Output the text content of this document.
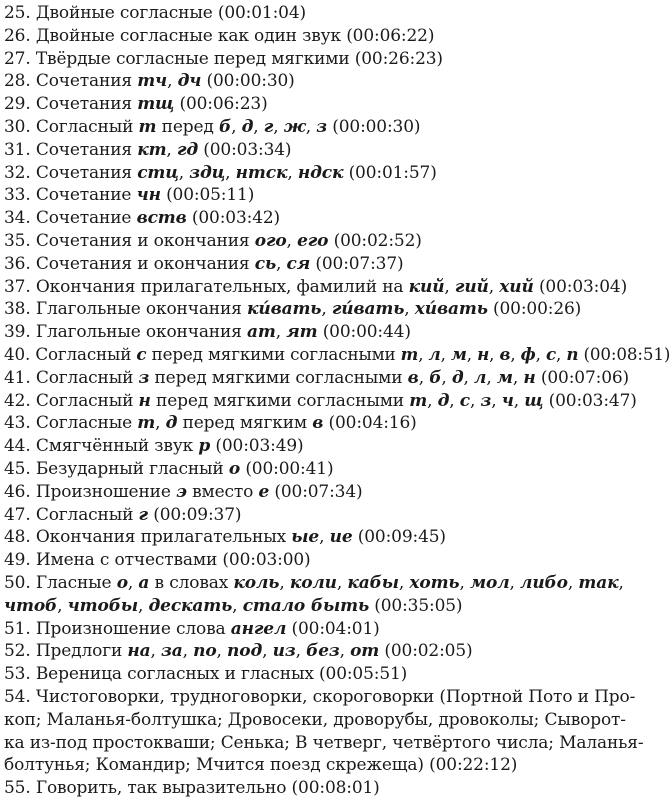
25. Двойные согласные (00:01:04)
26. Двойные согласные как один звук (00:06:22)
27. Твёрдые согласные перед мягкими (00:26:23)
28. Сочетания тч, дч (00:00:30)
29. Сочетания тщ (00:06:23)
30. Согласный т перед б, д, г, ж, з (00:00:30)
31. Сочетания кт, гд (00:03:34)
32. Сочетания стц, здц, нтск, ндск (00:01:57)
33. Сочетание чн (00:05:11)
34. Сочетание вств (00:03:42)
35. Сочетания и окончания ого, его (00:02:52)
36. Сочетания и окончания сь, ся (00:07:37)
37. Окончания прилагательных, фамилий на кий, гий, хий (00:03:04)
38. Глагольные окончания ки́вать, ги́вать, хи́вать (00:00:26)
39. Глагольные окончания ат, ят (00:00:44)
40. Согласный с перед мягкими согласными т, л, м, н, в, ф, с, п (00:08:51)
41. Согласный з перед мягкими согласными в, б, д, л, м, н (00:07:06)
42. Согласный н перед мягкими согласными т, д, с, з, ч, щ (00:03:47)
43. Согласные т, д перед мягким в (00:04:16)
44. Смягчённый звук р (00:03:49)
45. Безударный гласный о (00:00:41)
46. Произношение э вместо е (00:07:34)
47. Согласный г (00:09:37)
48. Окончания прилагательных ые, ие (00:09:45)
49. Имена с отчествами (00:03:00)
50. Гласные о, а в словах коль, коли, кабы, хоть, мол, либо, так,
чтоб, чтобы, дескать, стало быть (00:35:05)
51. Произношение слова ангел (00:04:01)
52. Предлоги на, за, по, под, из, без, от (00:02:05)
53. Вереница согласных и гласных (00:05:51)
54. Чистоговорки, трудноговорки, скороговорки (Портной Пото и Про-
коп; Маланья-болтушка; Дровосеки, дроворубы, дровоколы; Сыворот-
ка из-под простокваши; Сенька; В четверг, четвёртого числа; Маланья-
болтунья; Командир; Мчится поезд скрежеща) (00:22:12)
55. Говорить, так выразительно (00:08:01)
